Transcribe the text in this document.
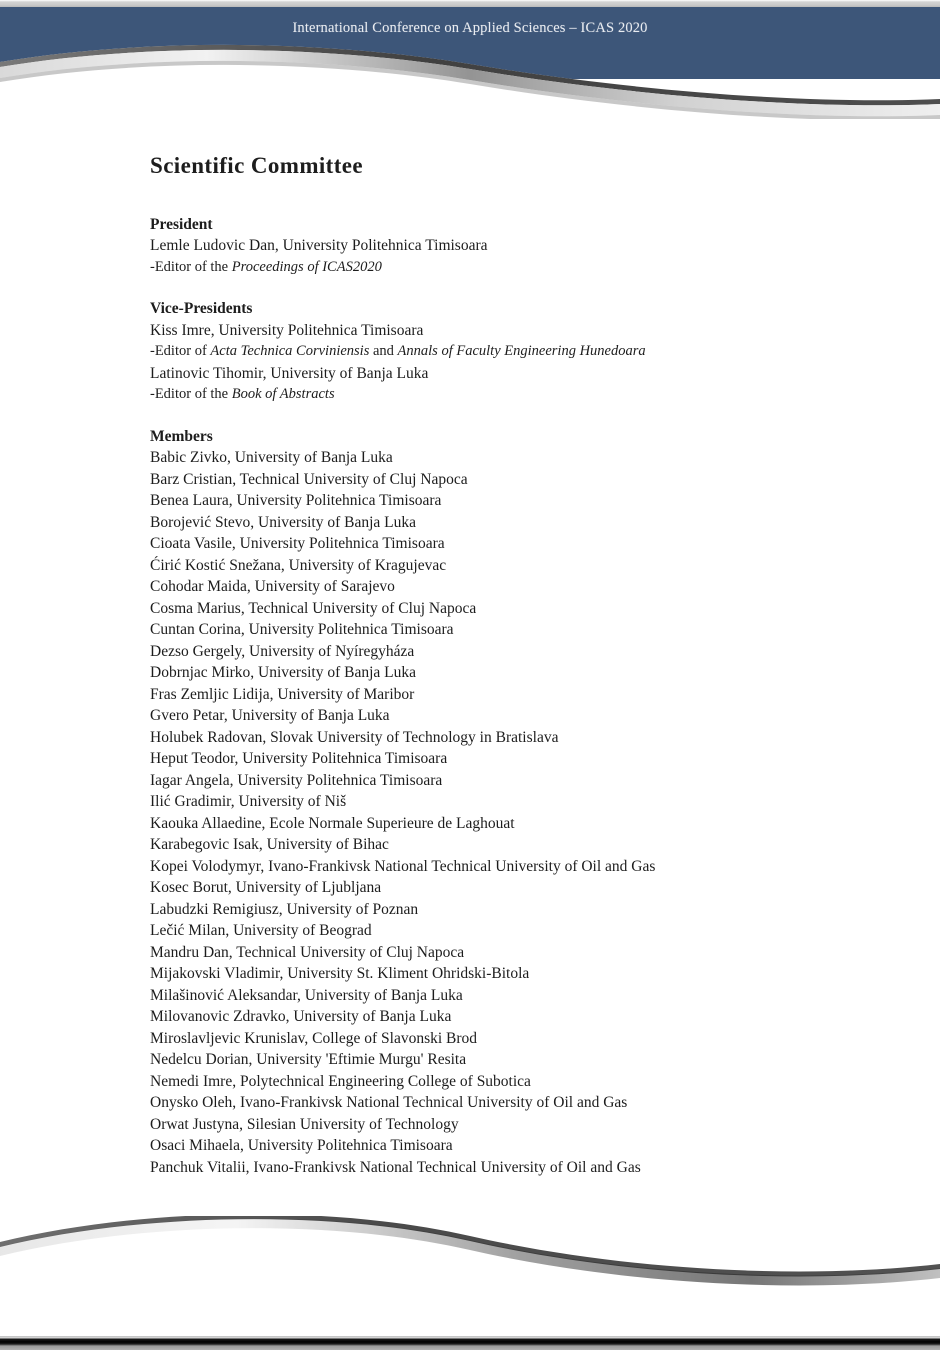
International Conference on Applied Sciences – ICAS 2020
Scientific Committee

President

Lemle Ludovic Dan, University Politehnica Timisoara

-Editor of the Proceedings of ICAS2020

Vice-Presidents

Kiss Imre, University Politehnica Timisoara

-Editor of Acta Technica Corviniensis and Annals of Faculty Engineering Hunedoara

Latinovic Tihomir, University of Banja Luka

-Editor of the Book of Abstracts

Members

Babic Zivko, University of Banja Luka
Barz Cristian, Technical University of Cluj Napoca
Benea Laura, University Politehnica Timisoara
Borojević Stevo, University of Banja Luka
Cioata Vasile, University Politehnica Timisoara
Ćirić Kostić Snežana, University of Kragujevac
Cohodar Maida, University of Sarajevo
Cosma Marius, Technical University of Cluj Napoca
Cuntan Corina, University Politehnica Timisoara
Dezso Gergely, University of Nyíregyháza
Dobrnjac Mirko, University of Banja Luka
Fras Zemljic Lidija, University of Maribor
Gvero Petar, University of Banja Luka
Holubek Radovan, Slovak University of Technology in Bratislava
Heput Teodor, University Politehnica Timisoara
Iagar Angela, University Politehnica Timisoara
Ilić Gradimir, University of Niš
Kaouka Allaedine, Ecole Normale Superieure de Laghouat
Karabegovic Isak, University of Bihac
Kopei Volodymyr, Ivano-Frankivsk National Technical University of Oil and Gas
Kosec Borut, University of Ljubljana
Labudzki Remigiusz, University of Poznan
Lečić Milan, University of Beograd
Mandru Dan, Technical University of Cluj Napoca
Mijakovski Vladimir, University St. Kliment Ohridski-Bitola
Milašinović Aleksandar, University of Banja Luka
Milovanovic Zdravko, University of Banja Luka
Miroslavljevic Krunislav, College of Slavonski Brod
Nedelcu Dorian, University 'Eftimie Murgu' Resita
Nemedi Imre, Polytechnical Engineering College of Subotica
Onysko Oleh, Ivano-Frankivsk National Technical University of Oil and Gas
Orwat Justyna, Silesian University of Technology
Osaci Mihaela, University Politehnica Timisoara
Panchuk Vitalii, Ivano-Frankivsk National Technical University of Oil and Gas
